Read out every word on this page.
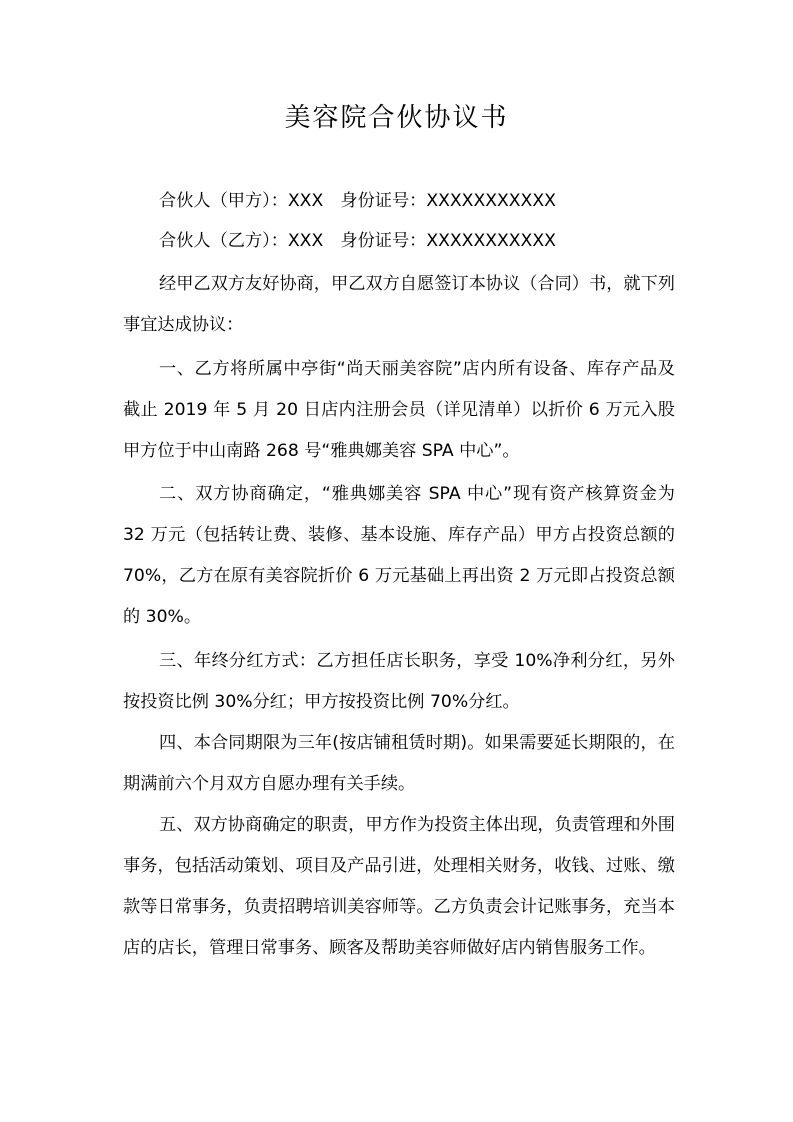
美容院合伙协议书

合伙人（甲方）：XXX　身份证号：XXXXXXXXXXX

合伙人（乙方）：XXX　身份证号：XXXXXXXXXXX

经甲乙双方友好协商，甲乙双方自愿签订本协议（合同）书，就下列事宜达成协议：

一、乙方将所属中亭街“尚天丽美容院”店内所有设备、库存产品及截止 2019 年 5 月 20 日店内注册会员（详见清单）以折价 6 万元入股甲方位于中山南路 268 号“雅典娜美容 SPA 中心”。

二、双方协商确定，“雅典娜美容 SPA 中心”现有资产核算资金为 32 万元（包括转让费、装修、基本设施、库存产品）甲方占投资总额的 70%，乙方在原有美容院折价 6 万元基础上再出资 2 万元即占投资总额的 30%。

三、年终分红方式：乙方担任店长职务，享受 10%净利分红，另外按投资比例 30%分红；甲方按投资比例 70%分红。

四、本合同期限为三年(按店铺租赁时期)。如果需要延长期限的，在期满前六个月双方自愿办理有关手续。

五、双方协商确定的职责，甲方作为投资主体出现，负责管理和外围事务，包括活动策划、项目及产品引进，处理相关财务，收钱、过账、缴款等日常事务，负责招聘培训美容师等。乙方负责会计记账事务，充当本店的店长，管理日常事务、顾客及帮助美容师做好店内销售服务工作。
